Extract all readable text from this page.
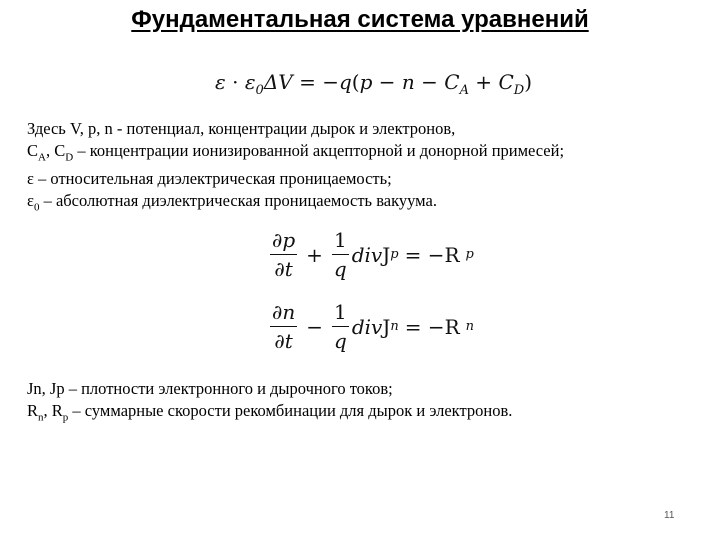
Фундаментальная система уравнений
$\varepsilon \cdot \varepsilon_0\Delta V = -q(p - n - C_A + C_D)$

Здесь V, p, n - потенциал, концентрации дырок и электронов,

$C_A$, $C_D$ – концентрации ионизированной акцепторной и донорной примесей;

ε – относительная диэлектрическая проницаемость;

$\varepsilon_0$ – абсолютная диэлектрическая проницаемость вакуума.

$\frac{\partial p}{\partial t} + \frac{1}{q}$ div J p = −R p
$\frac{\partial n}{\partial t} - \frac{1}{q}$ div J n = −R n

Jn, Jp – плотности электронного и дырочного токов;

$R_n$, $R_p$ – суммарные скорости рекомбинации для дырок и электронов.

11
